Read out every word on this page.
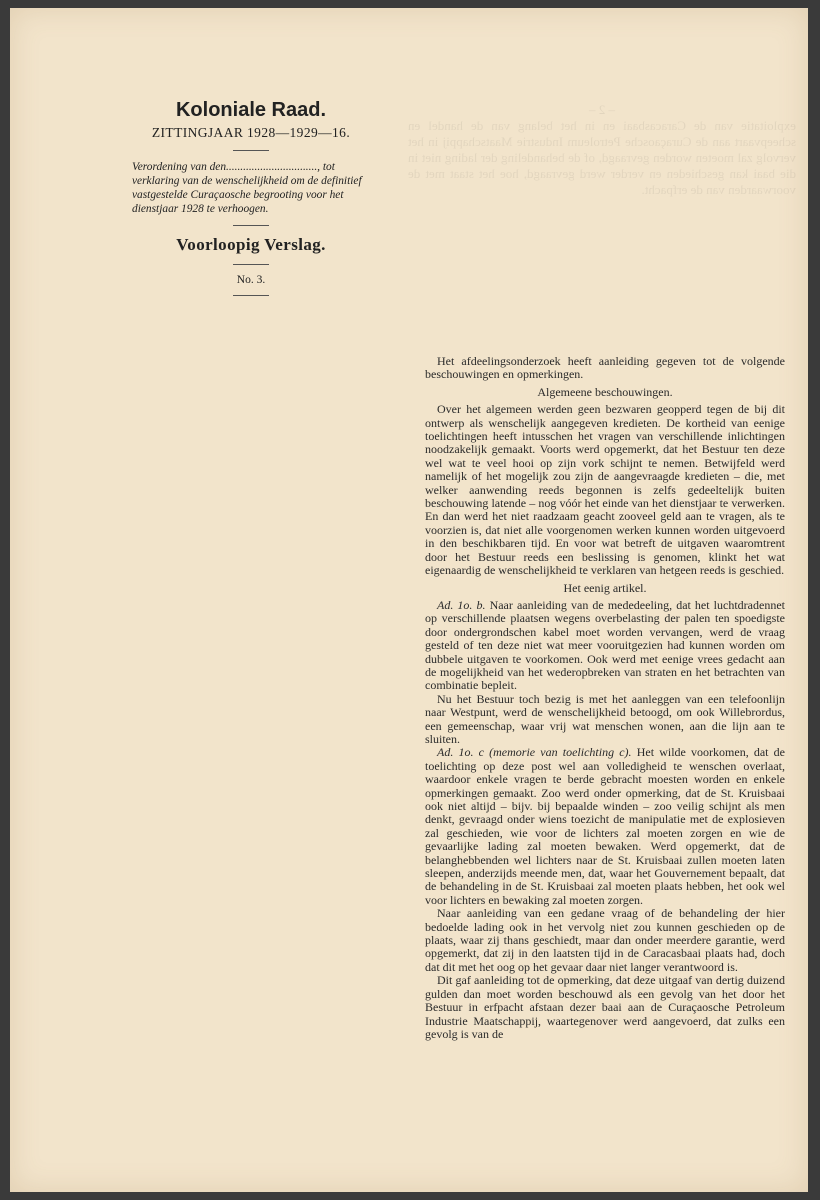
– 2 –
exploitatie van de Caracasbaai en in het belang van de handel en scheepvaart aan de Curaçaosche Petroleum Industrie Maatschappij in het vervolg zal moeten worden gevraagd, of de behandeling der lading niet in die baai kan geschieden en verder werd gevraagd, hoe het staat met de voorwaarden van de erfpacht.
Koloniale Raad.
ZITTINGJAAR 1928—1929—16.
Verordening van den................................, tot verklaring van de wenschelijkheid om de definitief vastgestelde Curaçaosche begrooting voor het dienstjaar 1928 te verhoogen.
Voorloopig Verslag.
No. 3.

Het afdeelingsonderzoek heeft aanleiding gegeven tot de volgende beschouwingen en opmerkingen.

Algemeene beschouwingen.

Over het algemeen werden geen bezwaren geopperd tegen de bij dit ontwerp als wenschelijk aangegeven kredieten. De kortheid van eenige toelichtingen heeft intusschen het vragen van verschillende inlichtingen noodzakelijk gemaakt. Voorts werd opgemerkt, dat het Bestuur ten deze wel wat te veel hooi op zijn vork schijnt te nemen. Betwijfeld werd namelijk of het mogelijk zou zijn de aangevraagde kredieten – die, met welker aanwending reeds begonnen is zelfs gedeeltelijk buiten beschouwing latende – nog vóór het einde van het dienstjaar te verwerken. En dan werd het niet raadzaam geacht zooveel geld aan te vragen, als te voorzien is, dat niet alle voorgenomen werken kunnen worden uitgevoerd in den beschikbaren tijd. En voor wat betreft de uitgaven waaromtrent door het Bestuur reeds een beslissing is genomen, klinkt het wat eigenaardig de wenschelijkheid te verklaren van hetgeen reeds is geschied.

Het eenig artikel.

Ad. 1o. b. Naar aanleiding van de mededeeling, dat het luchtdradennet op verschillende plaatsen wegens overbelasting der palen ten spoedigste door ondergrondschen kabel moet worden vervangen, werd de vraag gesteld of ten deze niet wat meer vooruitgezien had kunnen worden om dubbele uitgaven te voorkomen. Ook werd met eenige vrees gedacht aan de mogelijkheid van het wederopbreken van straten en het betrachten van combinatie bepleit.

Nu het Bestuur toch bezig is met het aanleggen van een telefoonlijn naar Westpunt, werd de wenschelijkheid betoogd, om ook Willebrordus, een gemeenschap, waar vrij wat menschen wonen, aan die lijn aan te sluiten.

Ad. 1o. c (memorie van toelichting c). Het wilde voorkomen, dat de toelichting op deze post wel aan volledigheid te wenschen overlaat, waardoor enkele vragen te berde gebracht moesten worden en enkele opmerkingen gemaakt. Zoo werd onder opmerking, dat de St. Kruisbaai ook niet altijd – bijv. bij bepaalde winden – zoo veilig schijnt als men denkt, gevraagd onder wiens toezicht de manipulatie met de explosieven zal geschieden, wie voor de lichters zal moeten zorgen en wie de gevaarlijke lading zal moeten bewaken. Werd opgemerkt, dat de belanghebbenden wel lichters naar de St. Kruisbaai zullen moeten laten sleepen, anderzijds meende men, dat, waar het Gouvernement bepaalt, dat de behandeling in de St. Kruisbaai zal moeten plaats hebben, het ook wel voor lichters en bewaking zal moeten zorgen.

Naar aanleiding van een gedane vraag of de behandeling der hier bedoelde lading ook in het vervolg niet zou kunnen geschieden op de plaats, waar zij thans geschiedt, maar dan onder meerdere garantie, werd opgemerkt, dat zij in den laatsten tijd in de Caracasbaai plaats had, doch dat dit met het oog op het gevaar daar niet langer verantwoord is.

Dit gaf aanleiding tot de opmerking, dat deze uitgaaf van dertig duizend gulden dan moet worden beschouwd als een gevolg van het door het Bestuur in erfpacht afstaan dezer baai aan de Curaçaosche Petroleum Industrie Maatschappij, waartegenover werd aangevoerd, dat zulks een gevolg is van de
